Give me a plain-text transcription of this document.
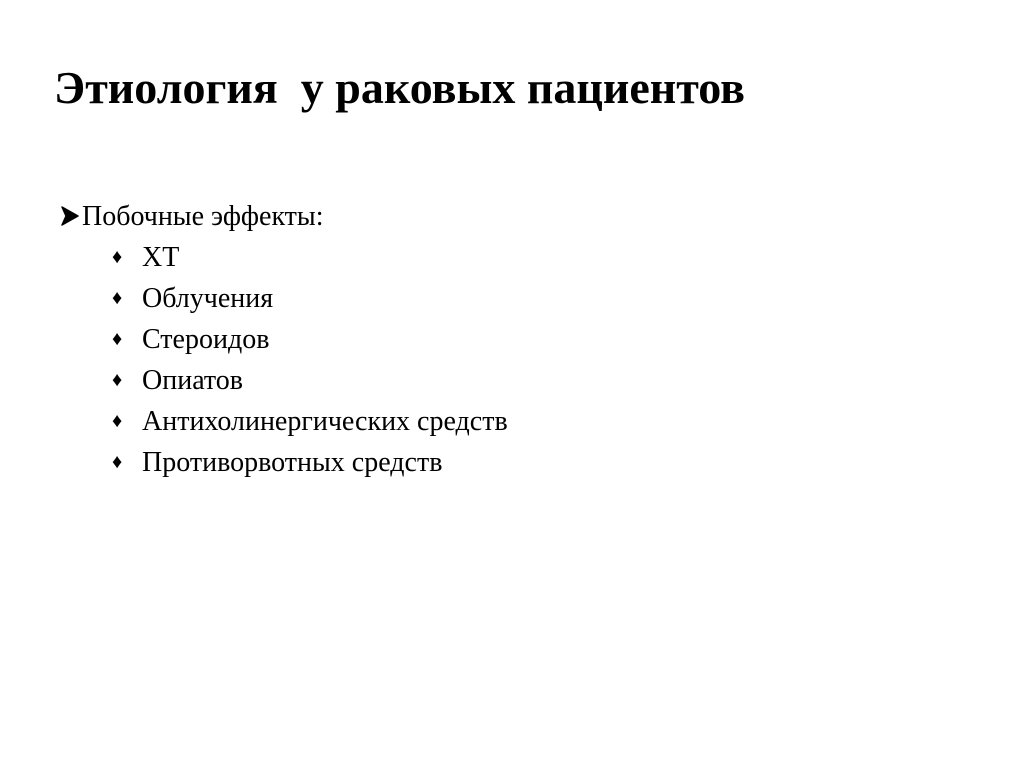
Этиология  у раковых пациентов
Побочные эффекты:
♦ ХТ
♦ Облучения
♦ Стероидов
♦ Опиатов
♦ Антихолинергических средств
♦ Противорвотных средств
